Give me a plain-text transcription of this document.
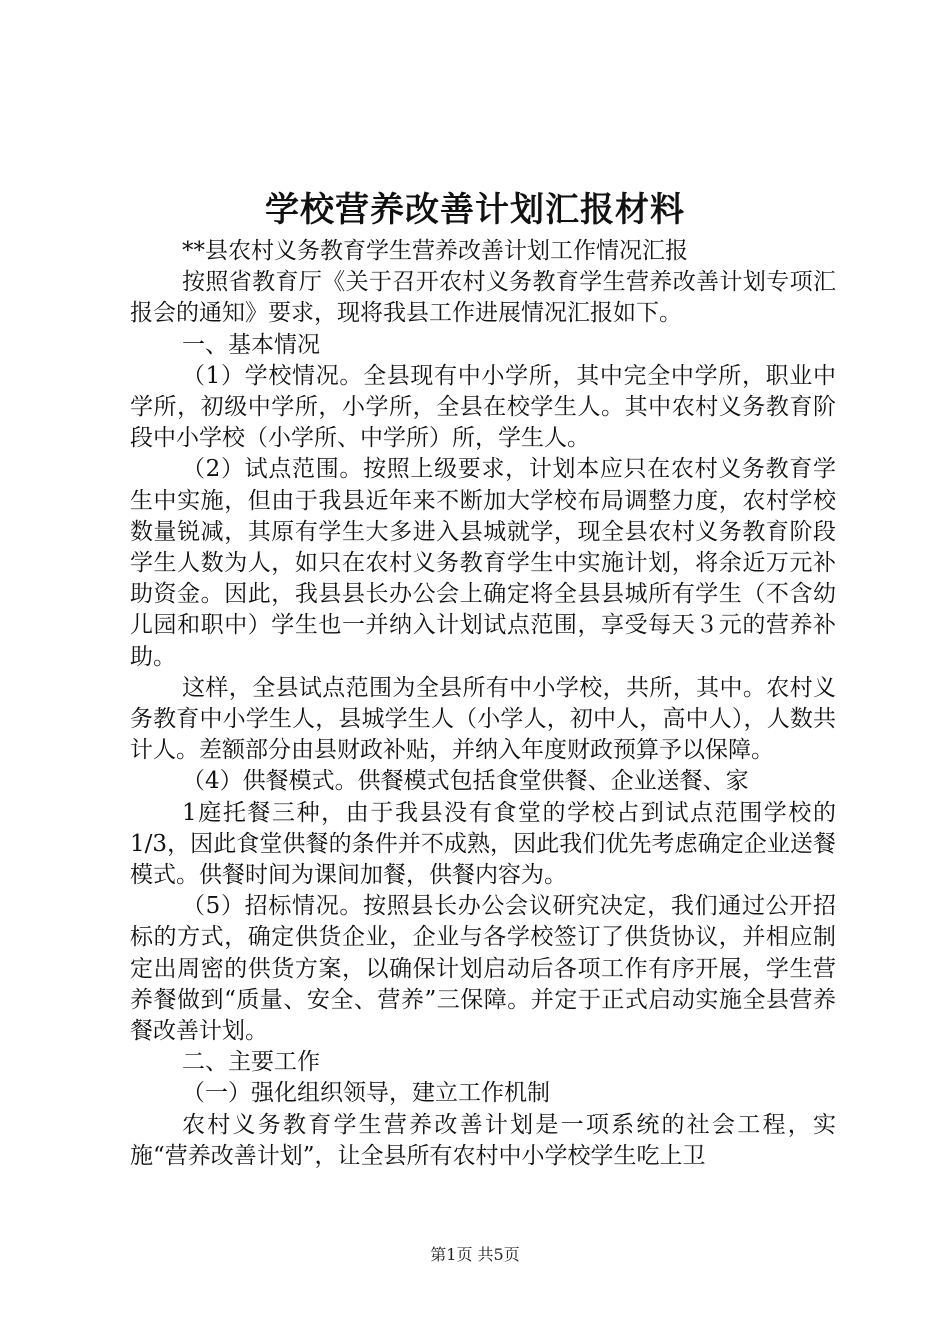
学校营养改善计划汇报材料

**县农村义务教育学生营养改善计划工作情况汇报

按照省教育厅《关于召开农村义务教育学生营养改善计划专项汇报会的通知》要求，现将我县工作进展情况汇报如下。

一、基本情况

（1）学校情况。全县现有中小学所，其中完全中学所，职业中学所，初级中学所，小学所，全县在校学生人。其中农村义务教育阶段中小学校（小学所、中学所）所，学生人。

（2）试点范围。按照上级要求，计划本应只在农村义务教育学生中实施，但由于我县近年来不断加大学校布局调整力度，农村学校数量锐减，其原有学生大多进入县城就学，现全县农村义务教育阶段学生人数为人，如只在农村义务教育学生中实施计划，将余近万元补助资金。因此，我县县长办公会上确定将全县县城所有学生（不含幼儿园和职中）学生也一并纳入计划试点范围，享受每天３元的营养补助。

这样，全县试点范围为全县所有中小学校，共所，其中。农村义务教育中小学生人，县城学生人（小学人，初中人，高中人），人数共计人。差额部分由县财政补贴，并纳入年度财政预算予以保障。

（4）供餐模式。供餐模式包括食堂供餐、企业送餐、家

1庭托餐三种，由于我县没有食堂的学校占到试点范围学校的1/3，因此食堂供餐的条件并不成熟，因此我们优先考虑确定企业送餐模式。供餐时间为课间加餐，供餐内容为。

（5）招标情况。按照县长办公会议研究决定，我们通过公开招标的方式，确定供货企业，企业与各学校签订了供货协议，并相应制定出周密的供货方案，以确保计划启动后各项工作有序开展，学生营养餐做到“质量、安全、营养”三保障。并定于正式启动实施全县营养餐改善计划。

二、主要工作

（一）强化组织领导，建立工作机制

农村义务教育学生营养改善计划是一项系统的社会工程，实施“营养改善计划”，让全县所有农村中小学校学生吃上卫

第1页 共5页
